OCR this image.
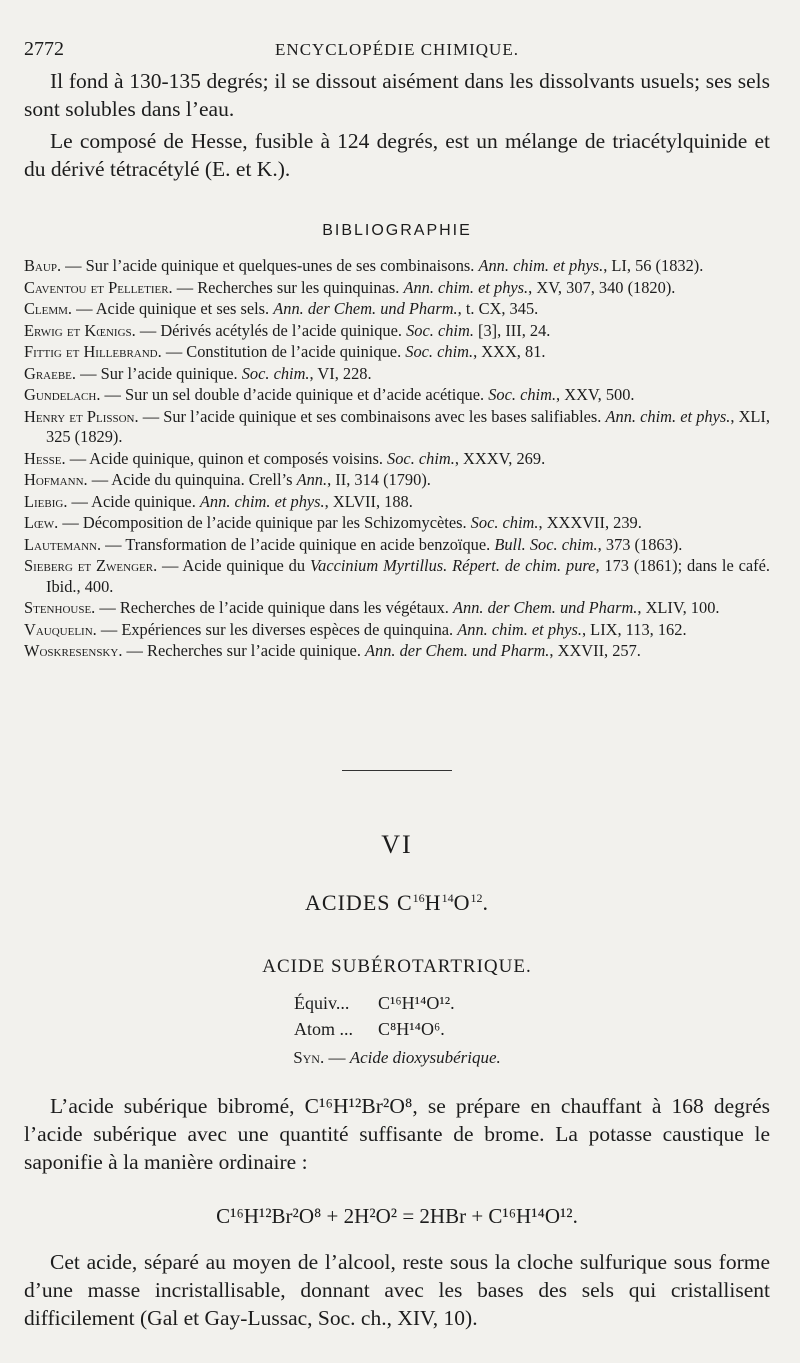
2772	ENCYCLOPÉDIE CHIMIQUE.

Il fond à 130-135 degrés; il se dissout aisément dans les dissolvants usuels; ses sels sont solubles dans l’eau.

Le composé de Hesse, fusible à 124 degrés, est un mélange de triacétylquinide et du dérivé tétracétylé (E. et K.).

BIBLIOGRAPHIE

Baup. — Sur l’acide quinique et quelques-unes de ses combinaisons. Ann. chim. et phys., LI, 56 (1832).

Caventou et Pelletier. — Recherches sur les quinquinas. Ann. chim. et phys., XV, 307, 340 (1820).

Clemm. — Acide quinique et ses sels. Ann. der Chem. und Pharm., t. CX, 345.

Erwig et Kœnigs. — Dérivés acétylés de l’acide quinique. Soc. chim. [3], III, 24.

Fittig et Hillebrand. — Constitution de l’acide quinique. Soc. chim., XXX, 81.

Graebe. — Sur l’acide quinique. Soc. chim., VI, 228.

Gundelach. — Sur un sel double d’acide quinique et d’acide acétique. Soc. chim., XXV, 500.

Henry et Plisson. — Sur l’acide quinique et ses combinaisons avec les bases salifiables. Ann. chim. et phys., XLI, 325 (1829).

Hesse. — Acide quinique, quinon et composés voisins. Soc. chim., XXXV, 269.

Hofmann. — Acide du quinquina. Crell’s Ann., II, 314 (1790).

Liebig. — Acide quinique. Ann. chim. et phys., XLVII, 188.

Lœw. — Décomposition de l’acide quinique par les Schizomycètes. Soc. chim., XXXVII, 239.

Lautemann. — Transformation de l’acide quinique en acide benzoïque. Bull. Soc. chim., 373 (1863).

Sieberg et Zwenger. — Acide quinique du Vaccinium Myrtillus. Répert. de chim. pure, 173 (1861); dans le café. Ibid., 400.

Stenhouse. — Recherches de l’acide quinique dans les végétaux. Ann. der Chem. und Pharm., XLIV, 100.

Vauquelin. — Expériences sur les diverses espèces de quinquina. Ann. chim. et phys., LIX, 113, 162.

Woskresensky. — Recherches sur l’acide quinique. Ann. der Chem. und Pharm., XXVII, 257.

VI
ACIDES $C^{16}H^{14}O^{12}$.
ACIDE SUBÉROTARTRIQUE.
Équiv... C¹⁶H¹⁴O¹².
Atom ... C⁸H¹⁴O⁶.
Syn. — Acide dioxysubérique.

L’acide subérique bibromé, C¹⁶H¹²Br²O⁸, se prépare en chauffant à 168 degrés l’acide subérique avec une quantité suffisante de brome. La potasse caustique le saponifie à la manière ordinaire :

C¹⁶H¹²Br²O⁸ + 2H²O² = 2HBr + C¹⁶H¹⁴O¹².

Cet acide, séparé au moyen de l’alcool, reste sous la cloche sulfurique sous forme d’une masse incristallisable, donnant avec les bases des sels qui cristallisent difficilement (Gal et Gay-Lussac, Soc. ch., XIV, 10).
